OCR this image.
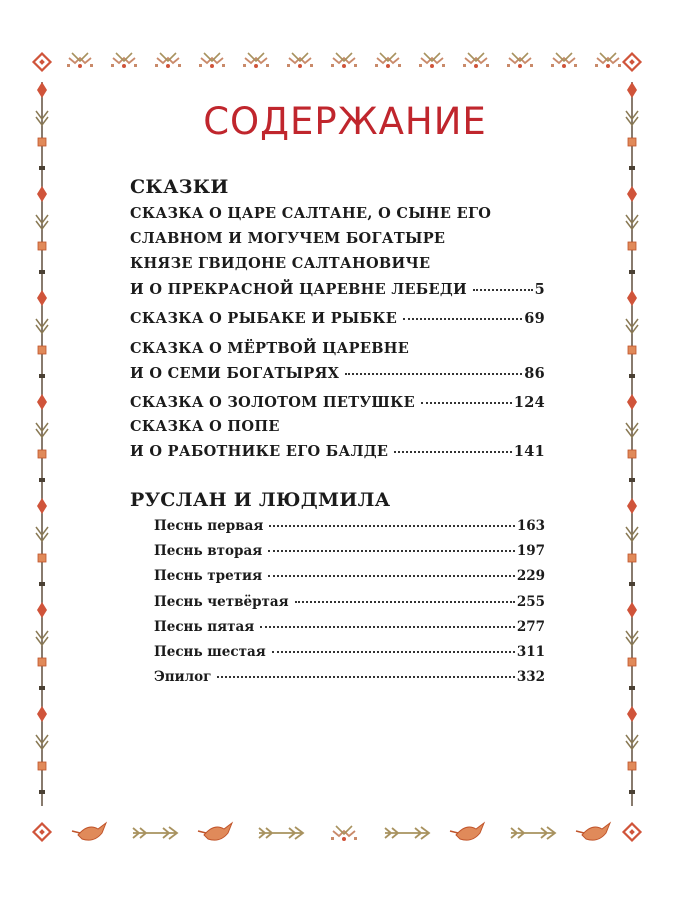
СОДЕРЖАНИЕ
СКАЗКИ
СКАЗКА О ЦАРЕ САЛТАНЕ, О СЫНЕ ЕГО
СЛАВНОМ И МОГУЧЕМ БОГАТЫРЕ
КНЯЗЕ ГВИДОНЕ САЛТАНОВИЧЕ
И О ПРЕКРАСНОЙ ЦАРЕВНЕ ЛЕБЕДИ	5
СКАЗКА О РЫБАКЕ И РЫБКЕ	69
СКАЗКА О МЁРТВОЙ ЦАРЕВНЕ
И О СЕМИ БОГАТЫРЯХ	86
СКАЗКА О ЗОЛОТОМ ПЕТУШКЕ	124
СКАЗКА О ПОПЕ
И О РАБОТНИКЕ ЕГО БАЛДЕ	141
РУСЛАН И ЛЮДМИЛА
Песнь первая	163
Песнь вторая	197
Песнь третия	229
Песнь четвёртая	255
Песнь пятая	277
Песнь шестая	311
Эпилог	332
